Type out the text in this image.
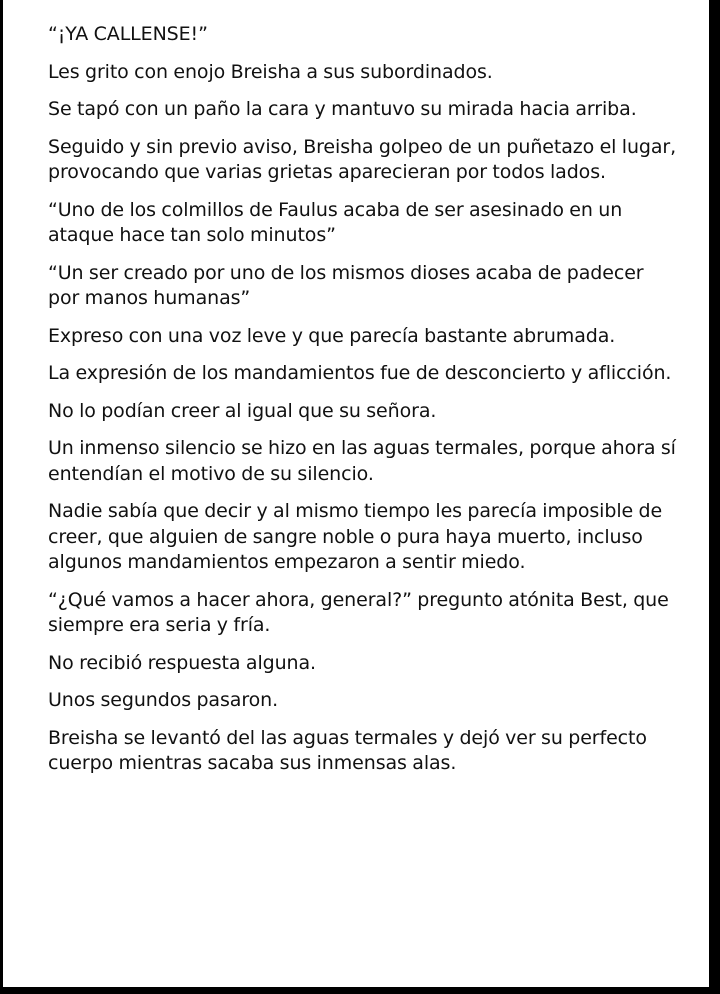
“¡YA CALLENSE!”

Les grito con enojo Breisha a sus subordinados.

Se tapó con un paño la cara y mantuvo su mirada hacia arriba.

Seguido y sin previo aviso, Breisha golpeo de un puñetazo el lugar, provocando que varias grietas aparecieran por todos lados.

“Uno de los colmillos de Faulus acaba de ser asesinado en un ataque hace tan solo minutos”

“Un ser creado por uno de los mismos dioses acaba de padecer por manos humanas”

Expreso con una voz leve y que parecía bastante abrumada.

La expresión de los mandamientos fue de desconcierto y aflicción.

No lo podían creer al igual que su señora.

Un inmenso silencio se hizo en las aguas termales, porque ahora sí entendían el motivo de su silencio.

Nadie sabía que decir y al mismo tiempo les parecía imposible de creer, que alguien de sangre noble o pura haya muerto, incluso algunos mandamientos empezaron a sentir miedo.

“¿Qué vamos a hacer ahora, general?” pregunto atónita Best, que siempre era seria y fría.

No recibió respuesta alguna.

Unos segundos pasaron.

Breisha se levantó del las aguas termales y dejó ver su perfecto cuerpo mientras sacaba sus inmensas alas.
